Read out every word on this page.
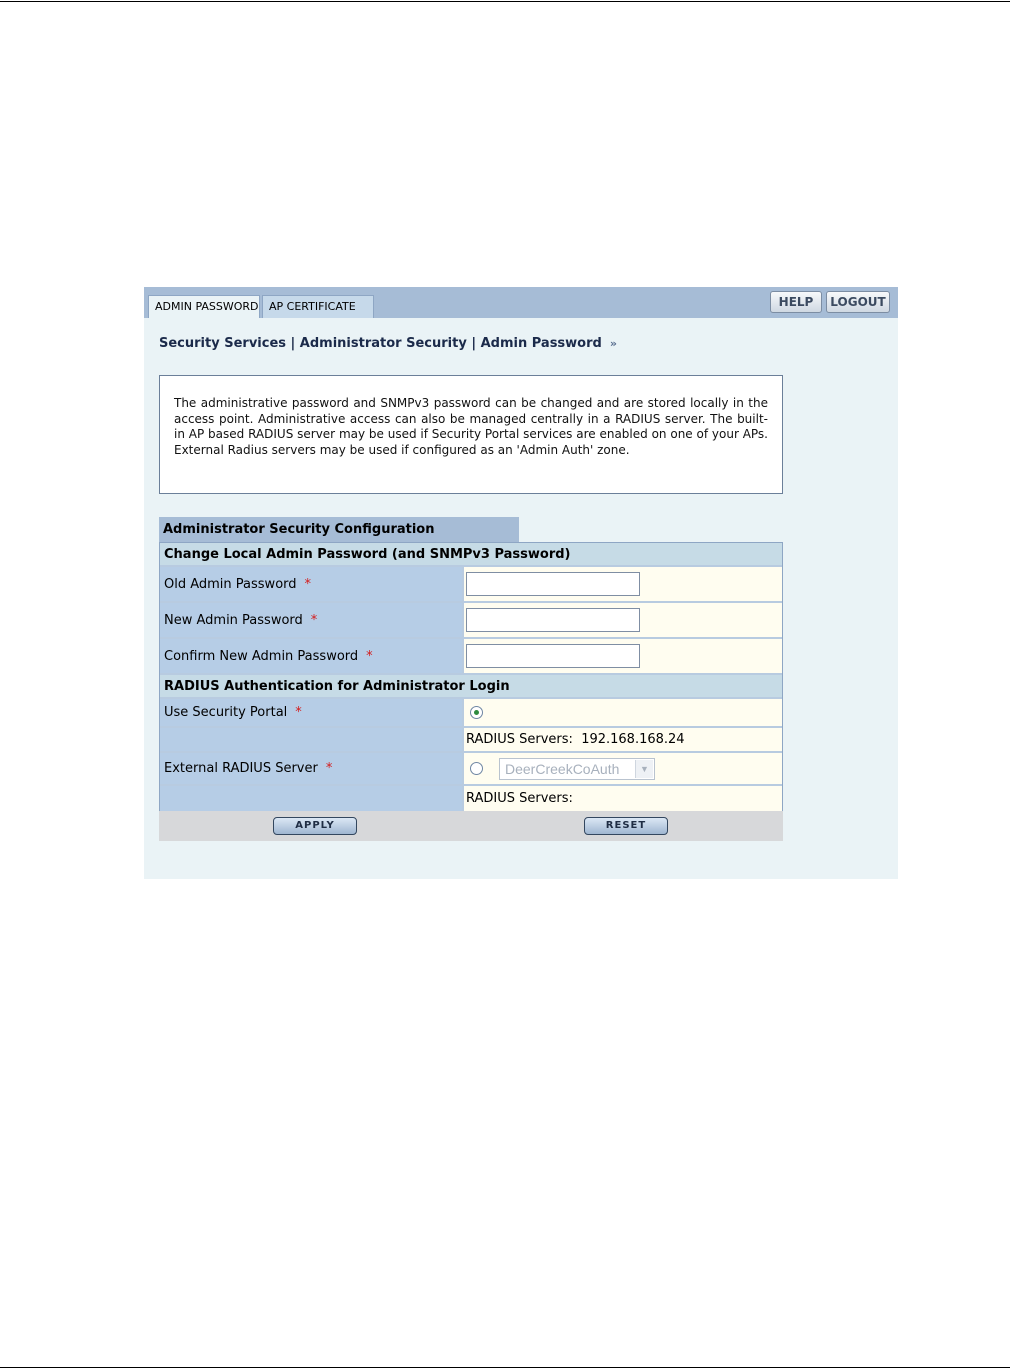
ADMIN PASSWORD AP CERTIFICATE	HELP	LOGOUT
Security Services | Administrator Security | Admin Password »
The administrative password and SNMPv3 password can be changed and are stored locally in the access point. Administrative access can also be managed centrally in a RADIUS server. The built-in AP based RADIUS server may be used if Security Portal services are enabled on one of your APs. External Radius servers may be used if configured as an 'Admin Auth' zone.
Administrator Security Configuration
Change Local Admin Password (and SNMPv3 Password)
Old Admin Password *
New Admin Password *
Confirm New Admin Password *
RADIUS Authentication for Administrator Login
Use Security Portal *
RADIUS Servers:  192.168.168.24
External RADIUS Server *	DeerCreekCoAuth	▼
RADIUS Servers:
APPLY	RESET
